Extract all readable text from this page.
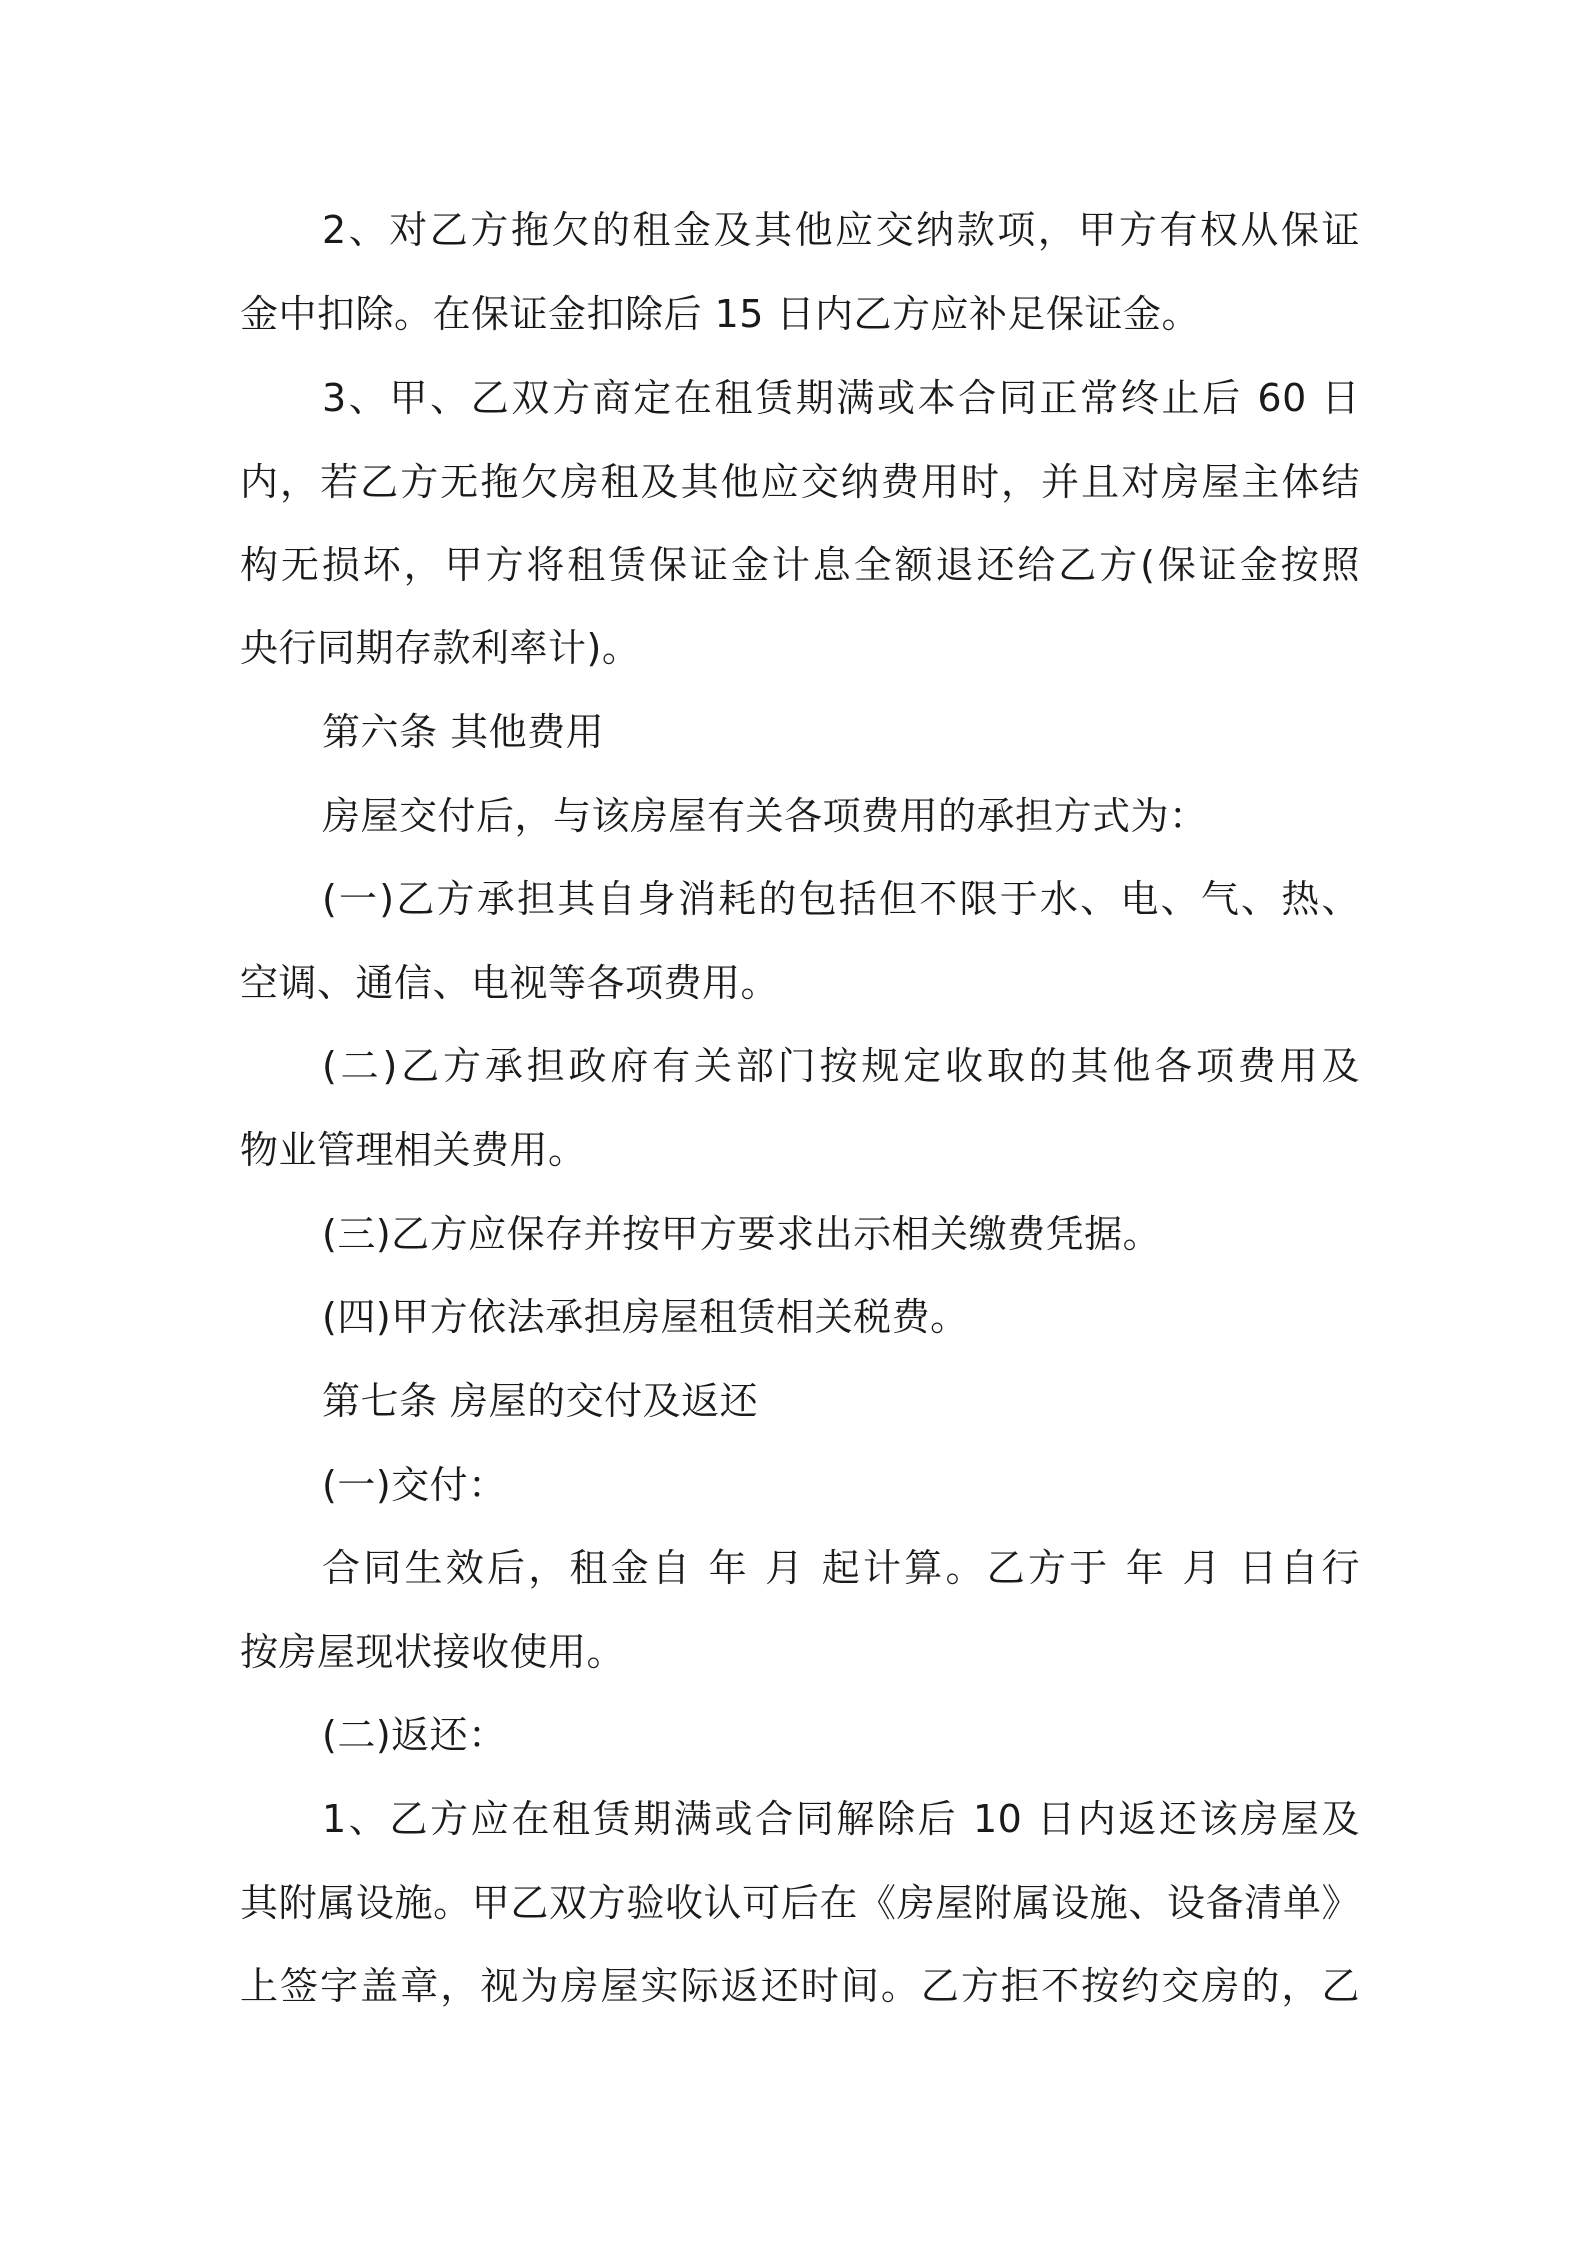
2、对乙方拖欠的租金及其他应交纳款项，甲方有权从保证
金中扣除。在保证金扣除后 15 日内乙方应补足保证金。
3、甲、乙双方商定在租赁期满或本合同正常终止后 60 日
内，若乙方无拖欠房租及其他应交纳费用时，并且对房屋主体结
构无损坏，甲方将租赁保证金计息全额退还给乙方(保证金按照
央行同期存款利率计)。
第六条 其他费用
房屋交付后，与该房屋有关各项费用的承担方式为：
(一)乙方承担其自身消耗的包括但不限于水、电、气、热、
空调、通信、电视等各项费用。
(二)乙方承担政府有关部门按规定收取的其他各项费用及
物业管理相关费用。
(三)乙方应保存并按甲方要求出示相关缴费凭据。
(四)甲方依法承担房屋租赁相关税费。
第七条 房屋的交付及返还
(一)交付：
合同生效后，租金自 年 月 起计算。乙方于 年 月 日自行
按房屋现状接收使用。
(二)返还：
1、乙方应在租赁期满或合同解除后 10 日内返还该房屋及
其附属设施。甲乙双方验收认可后在《房屋附属设施、设备清单》
上签字盖章，视为房屋实际返还时间。乙方拒不按约交房的，乙
